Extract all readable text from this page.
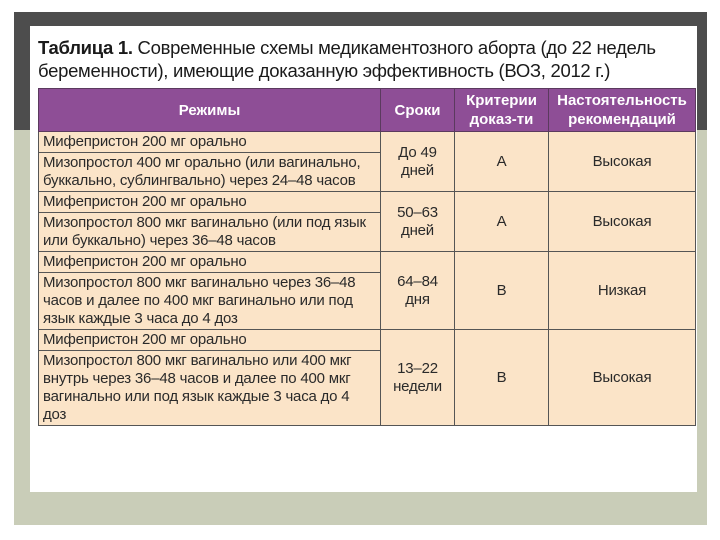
Таблица 1. Современные схемы медикаментозного аборта (до 22 недель беременности), имеющие доказанную эффективность (ВОЗ, 2012 г.)
Режимы	Сроки	Критерии доказ-ти	Настоятельность рекомендаций
Мифепристон 200 мг орально	До 49 дней	A	Высокая
Мизопростол 400 мг орально (или вагинально, буккально, сублингвально) через 24–48 часов			
Мифепристон 200 мг орально	50–63 дней	A	Высокая
Мизопростол 800 мкг вагинально (или под язык или буккально) через 36–48 часов			
Мифепристон 200 мг орально	64–84 дня	B	Низкая
Мизопростол 800 мкг вагинально через 36–48 часов и далее по 400 мкг вагинально или под язык каждые 3 часа до 4 доз			
Мифепристон 200 мг орально	13–22 недели	B	Высокая
Мизопростол 800 мкг вагинально или 400 мкг внутрь через 36–48 часов и далее по 400 мкг вагинально или под язык каждые 3 часа до 4 доз			
